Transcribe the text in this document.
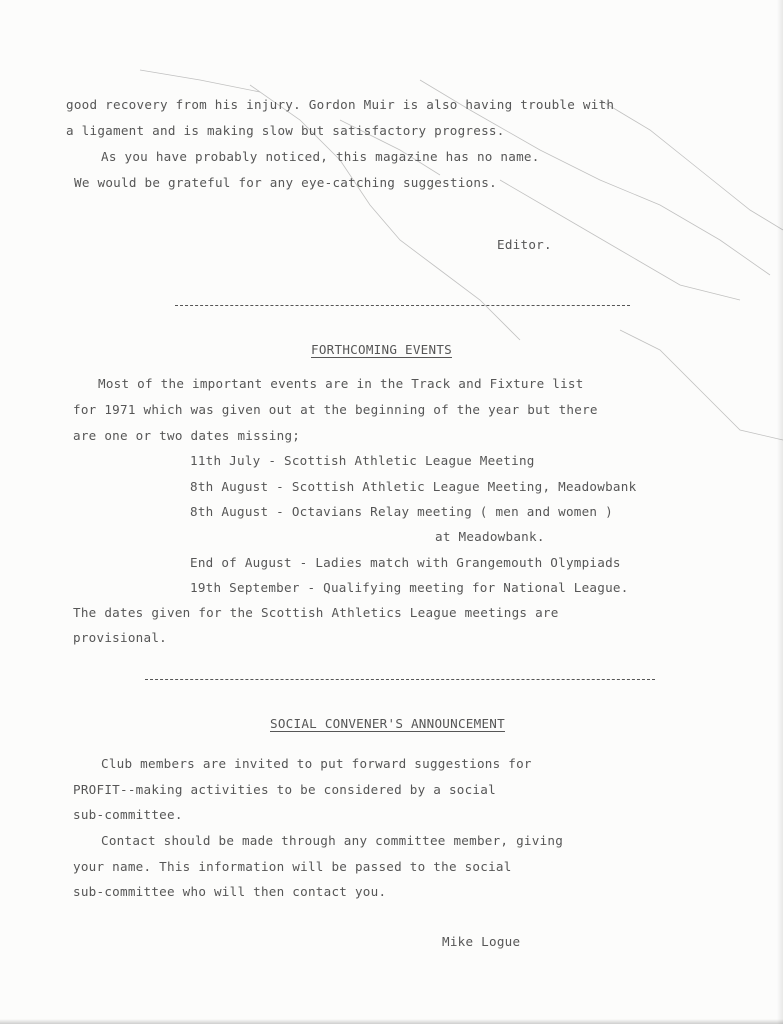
good recovery from his injury. Gordon Muir is also having trouble with
a ligament and is making slow but satisfactory progress.
As you have probably noticed, this magazine has no name.
We would be grateful for any eye-catching suggestions.
Editor.
FORTHCOMING EVENTS
Most of the important events are in the Track and Fixture list
for 1971 which was given out at the beginning of the year but there
are one or two dates missing;
11th July - Scottish Athletic League Meeting
8th August - Scottish Athletic League Meeting, Meadowbank
8th August - Octavians Relay meeting ( men and women )
at Meadowbank.
End of August - Ladies match with Grangemouth Olympiads
19th September - Qualifying meeting for National League.
The dates given for the Scottish Athletics League meetings are
provisional.
SOCIAL CONVENER'S ANNOUNCEMENT
Club members are invited to put forward suggestions for
PROFIT--making activities to be considered by a social
sub-committee.
Contact should be made through any committee member, giving
your name. This information will be passed to the social
sub-committee who will then contact you.
Mike Logue
